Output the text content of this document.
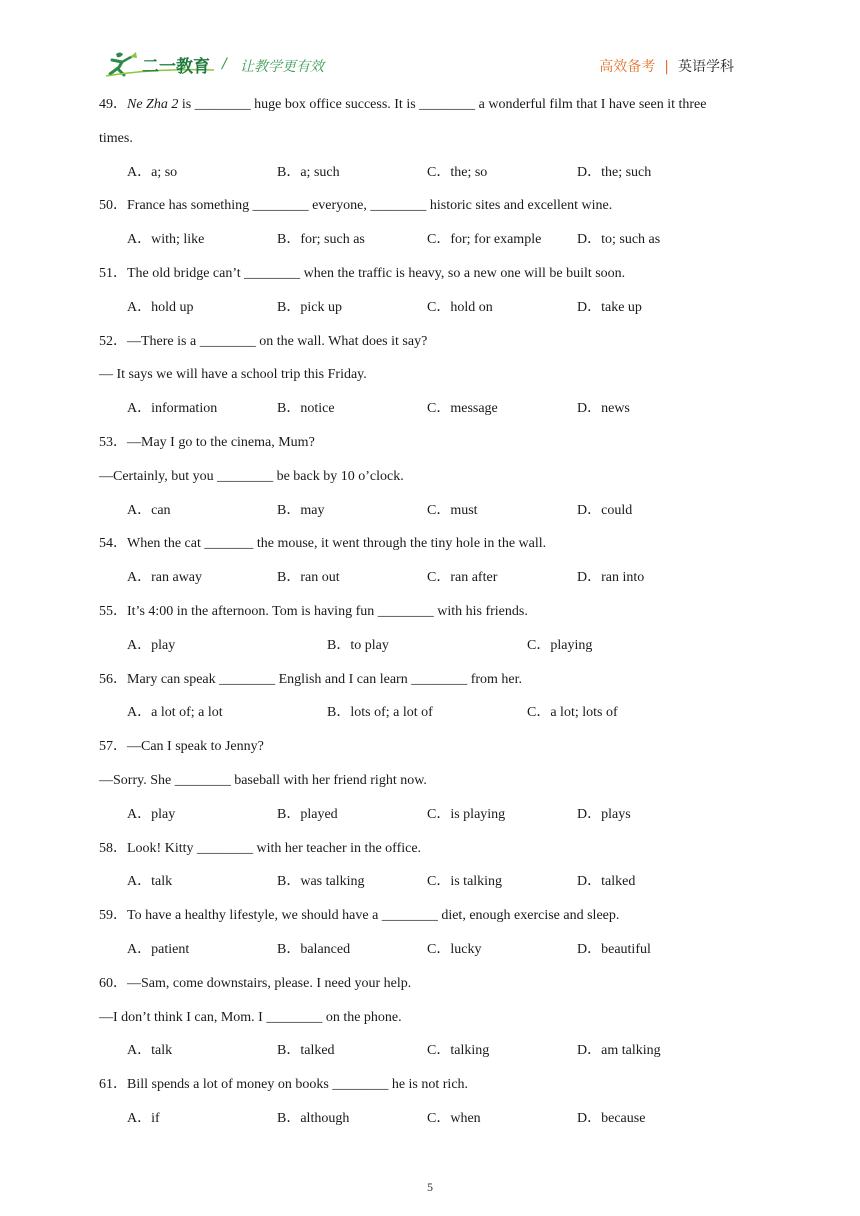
二一教育 / 让教学更有效	高效备考 | 英语学科
49．Ne Zha 2 is ________ huge box office success. It is ________ a wonderful film that I have seen it three
times.
A．a; so	B．a; such	C．the; so	D．the; such
50．France has something ________ everyone, ________ historic sites and excellent wine.
A．with; like	B．for; such as	C．for; for example	D．to; such as
51．The old bridge can’t ________ when the traffic is heavy, so a new one will be built soon.
A．hold up	B．pick up	C．hold on	D．take up
52．—There is a ________ on the wall. What does it say?
— It says we will have a school trip this Friday.
A．information	B．notice	C．message	D．news
53．—May I go to the cinema, Mum?
—Certainly, but you ________ be back by 10 o’clock.
A．can	B．may	C．must	D．could
54．When the cat _______ the mouse, it went through the tiny hole in the wall.
A．ran away	B．ran out	C．ran after	D．ran into
55．It’s 4:00 in the afternoon. Tom is having fun ________ with his friends.
A．play	B．to play	C．playing
56．Mary can speak ________ English and I can learn ________ from her.
A．a lot of; a lot	B．lots of; a lot of	C．a lot; lots of
57．—Can I speak to Jenny?
—Sorry. She ________ baseball with her friend right now.
A．play	B．played	C．is playing	D．plays
58．Look! Kitty ________ with her teacher in the office.
A．talk	B．was talking	C．is talking	D．talked
59．To have a healthy lifestyle, we should have a ________ diet, enough exercise and sleep.
A．patient	B．balanced	C．lucky	D．beautiful
60．—Sam, come downstairs, please. I need your help.
—I don’t think I can, Mom. I ________ on the phone.
A．talk	B．talked	C．talking	D．am talking
61．Bill spends a lot of money on books ________ he is not rich.
A．if	B．although	C．when	D．because
5
